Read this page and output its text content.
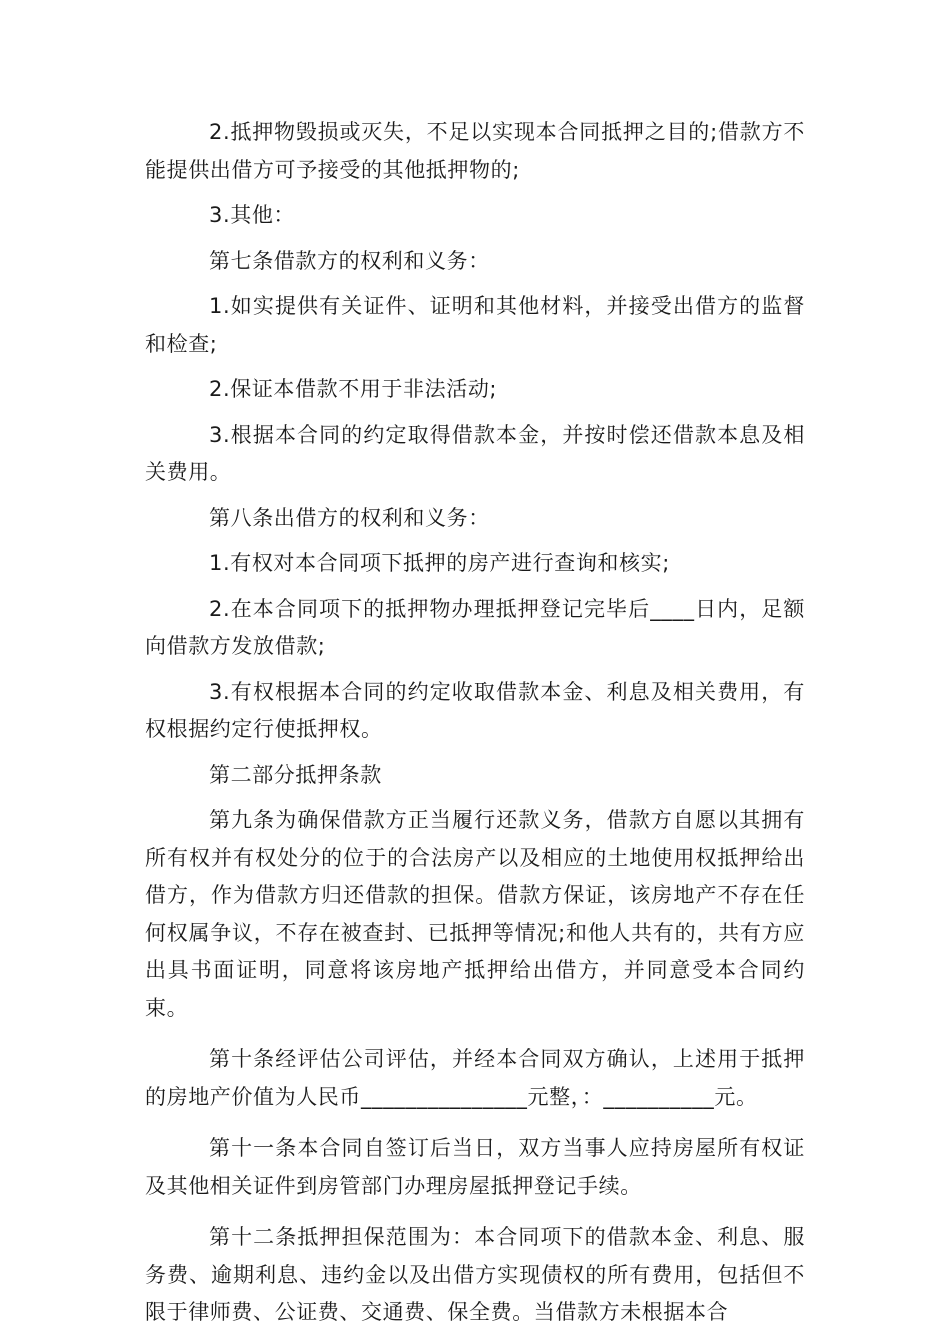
2.抵押物毁损或灭失，不足以实现本合同抵押之目的;借款方不能提供出借方可予接受的其他抵押物的;

3.其他：

第七条借款方的权利和义务：

1.如实提供有关证件、证明和其他材料，并接受出借方的监督和检查;

2.保证本借款不用于非法活动;

3.根据本合同的约定取得借款本金，并按时偿还借款本息及相关费用。

第八条出借方的权利和义务：

1.有权对本合同项下抵押的房产进行查询和核实;

2.在本合同项下的抵押物办理抵押登记完毕后____日内，足额向借款方发放借款;

3.有权根据本合同的约定收取借款本金、利息及相关费用，有权根据约定行使抵押权。

第二部分抵押条款

第九条为确保借款方正当履行还款义务，借款方自愿以其拥有所有权并有权处分的位于的合法房产以及相应的土地使用权抵押给出借方，作为借款方归还借款的担保。借款方保证，该房地产不存在任何权属争议，不存在被查封、已抵押等情况;和他人共有的，共有方应出具书面证明，同意将该房地产抵押给出借方，并同意受本合同约束。

第十条经评估公司评估，并经本合同双方确认，上述用于抵押的房地产价值为人民币_______________元整，：__________元。

第十一条本合同自签订后当日，双方当事人应持房屋所有权证及其他相关证件到房管部门办理房屋抵押登记手续。

第十二条抵押担保范围为：本合同项下的借款本金、利息、服务费、逾期利息、违约金以及出借方实现债权的所有费用，包括但不限于律师费、公证费、交通费、保全费。当借款方未根据本合
